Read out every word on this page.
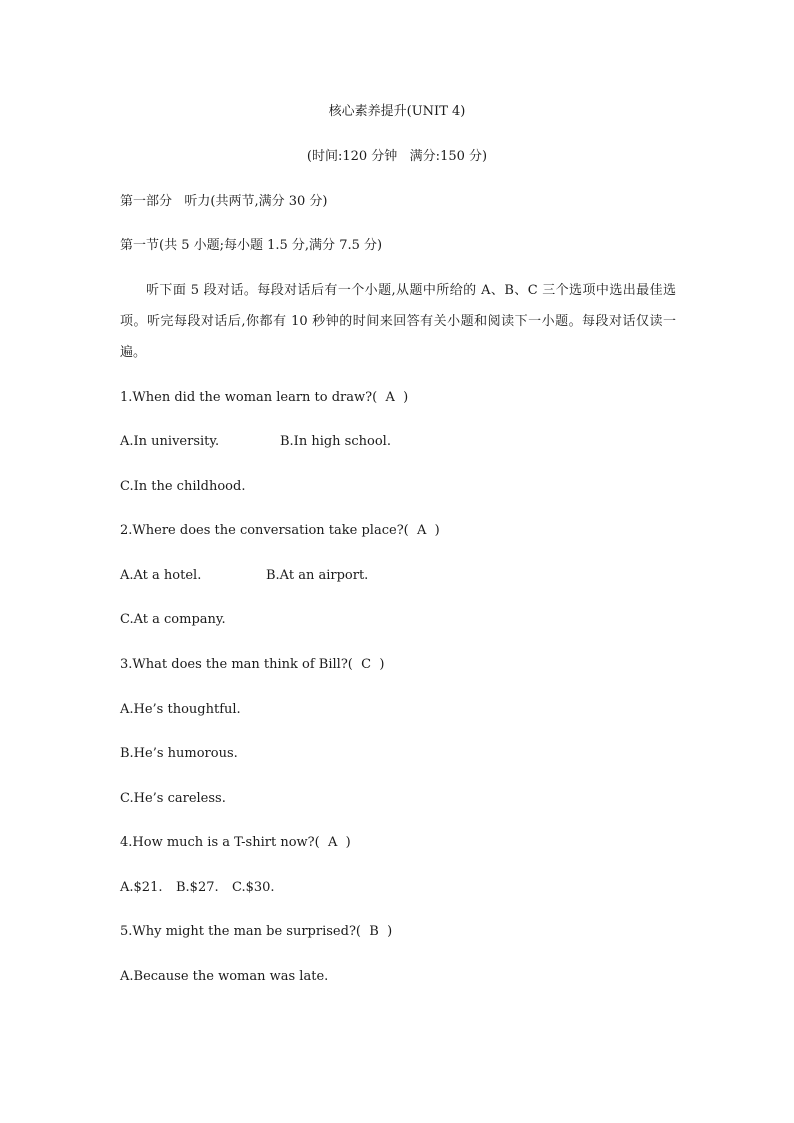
核心素养提升(UNIT 4)
(时间:120 分钟   满分:150 分)
第一部分   听力(共两节,满分 30 分)
第一节(共 5 小题;每小题 1.5 分,满分 7.5 分)
听下面 5 段对话。每段对话后有一个小题,从题中所给的 A、B、C 三个选项中选出最佳选项。听完每段对话后,你都有 10 秒钟的时间来回答有关小题和阅读下一小题。每段对话仅读一遍。
1.When did the woman learn to draw?(  A  )
A.In university.	B.In high school.
C.In the childhood.
2.Where does the conversation take place?(  A  )
A.At a hotel.	B.At an airport.
C.At a company.
3.What does the man think of Bill?(  C  )
A.He’s thoughtful.
B.He’s humorous.
C.He’s careless.
4.How much is a T-shirt now?(  A  )
A.$21. B.$27. C.$30.
5.Why might the man be surprised?(  B  )
A.Because the woman was late.
